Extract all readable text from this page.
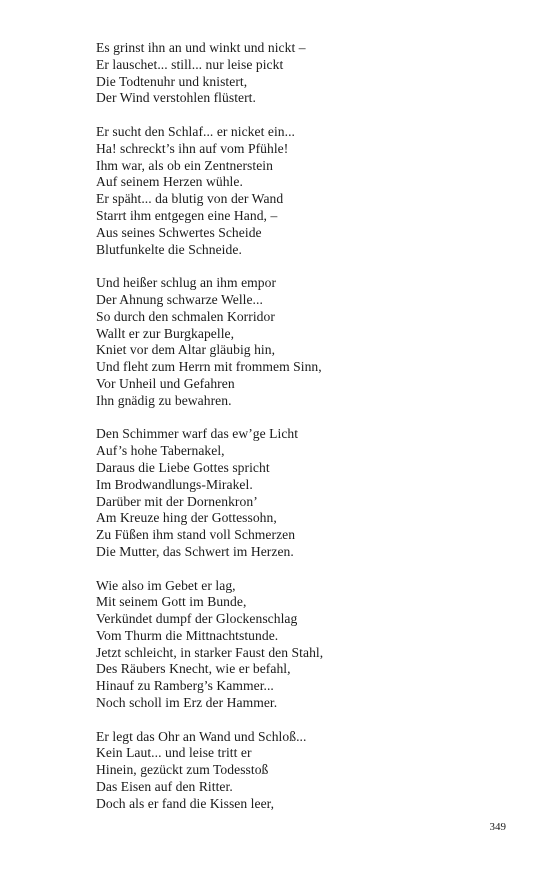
Es grinst ihn an und winkt und nickt –
Er lauschet... still... nur leise pickt
Die Todtenuhr und knistert,
Der Wind verstohlen flüstert.
Er sucht den Schlaf... er nicket ein...
Ha! schreckt’s ihn auf vom Pfühle!
Ihm war, als ob ein Zentnerstein
Auf seinem Herzen wühle.
Er späht... da blutig von der Wand
Starrt ihm entgegen eine Hand, –
Aus seines Schwertes Scheide
Blutfunkelte die Schneide.
Und heißer schlug an ihm empor
Der Ahnung schwarze Welle...
So durch den schmalen Korridor
Wallt er zur Burgkapelle,
Kniet vor dem Altar gläubig hin,
Und fleht zum Herrn mit frommem Sinn,
Vor Unheil und Gefahren
Ihn gnädig zu bewahren.
Den Schimmer warf das ew’ge Licht
Auf’s hohe Tabernakel,
Daraus die Liebe Gottes spricht
Im Brodwandlungs-Mirakel.
Darüber mit der Dornenkron’
Am Kreuze hing der Gottessohn,
Zu Füßen ihm stand voll Schmerzen
Die Mutter, das Schwert im Herzen.
Wie also im Gebet er lag,
Mit seinem Gott im Bunde,
Verkündet dumpf der Glockenschlag
Vom Thurm die Mittnachtstunde.
Jetzt schleicht, in starker Faust den Stahl,
Des Räubers Knecht, wie er befahl,
Hinauf zu Ramberg’s Kammer...
Noch scholl im Erz der Hammer.
Er legt das Ohr an Wand und Schloß...
Kein Laut... und leise tritt er
Hinein, gezückt zum Todesstoß
Das Eisen auf den Ritter.
Doch als er fand die Kissen leer,
349
